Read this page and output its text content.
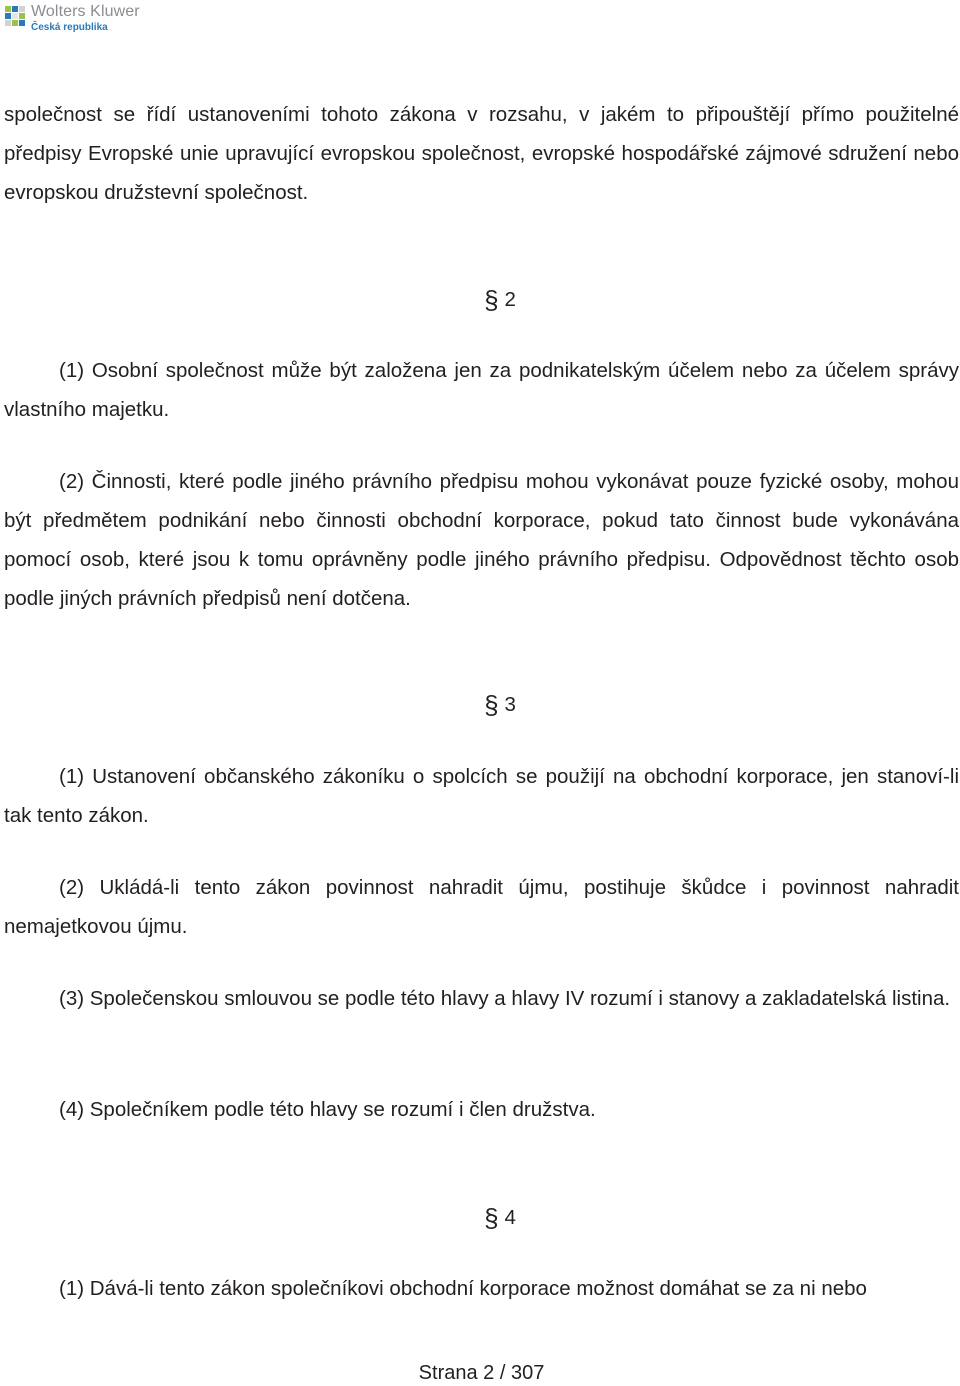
Wolters Kluwer
Česká republika

společnost se řídí ustanoveními tohoto zákona v rozsahu, v jakém to připouštějí přímo použitelné předpisy Evropské unie upravující evropskou společnost, evropské hospodářské zájmové sdružení nebo evropskou družstevní společnost.

§ 2

(1) Osobní společnost může být založena jen za podnikatelským účelem nebo za účelem správy vlastního majetku.

(2) Činnosti, které podle jiného právního předpisu mohou vykonávat pouze fyzické osoby, mohou být předmětem podnikání nebo činnosti obchodní korporace, pokud tato činnost bude vykonávána pomocí osob, které jsou k tomu oprávněny podle jiného právního předpisu. Odpovědnost těchto osob podle jiných právních předpisů není dotčena.

§ 3

(1) Ustanovení občanského zákoníku o spolcích se použijí na obchodní korporace, jen stanoví-li tak tento zákon.

(2) Ukládá-li tento zákon povinnost nahradit újmu, postihuje škůdce i povinnost nahradit nemajetkovou újmu.

(3) Společenskou smlouvou se podle této hlavy a hlavy IV rozumí i stanovy a zakladatelská listina.

(4) Společníkem podle této hlavy se rozumí i člen družstva.

§ 4

(1) Dává-li tento zákon společníkovi obchodní korporace možnost domáhat se za ni nebo

Strana 2 / 307
